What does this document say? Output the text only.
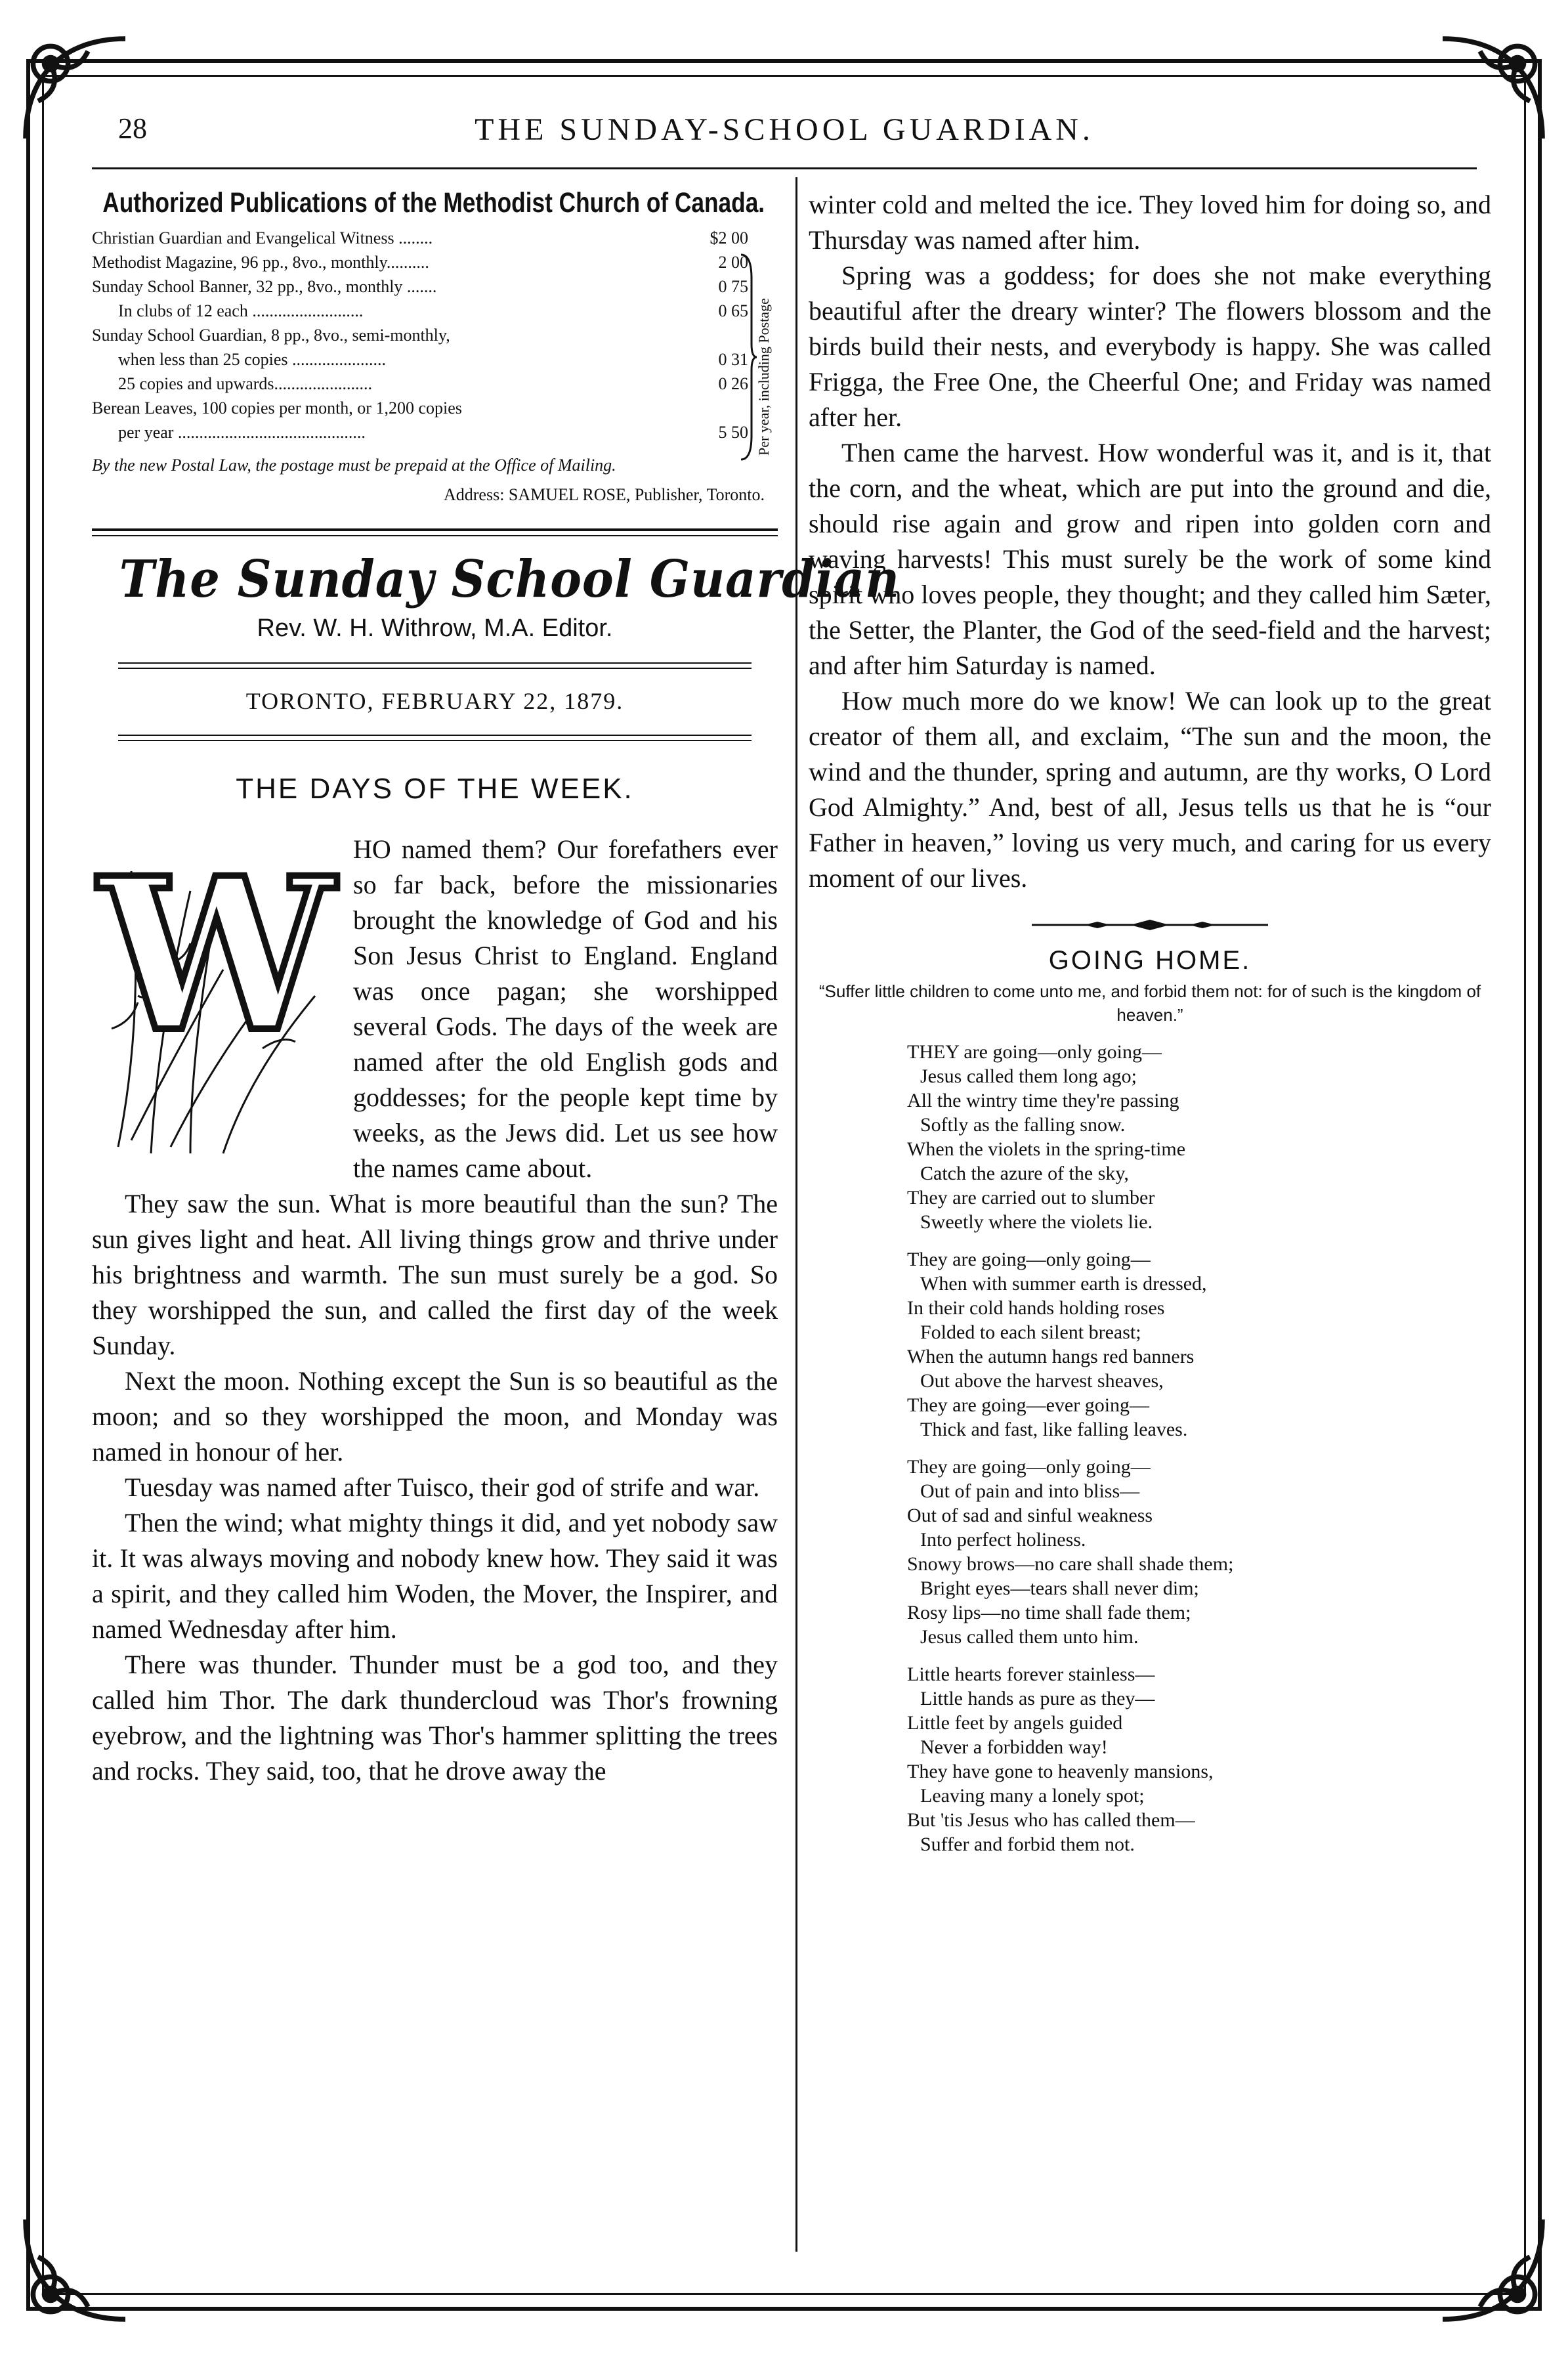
28	THE SUNDAY-SCHOOL GUARDIAN.
Authorized Publications of the Methodist Church of Canada.
Per year, including Postage
Christian Guardian and Evangelical Witness ........	$2 00
Methodist Magazine, 96 pp., 8vo., monthly..........	2 00
Sunday School Banner, 32 pp., 8vo., monthly .......	0 75
In clubs of 12 each ..........................	0 65
Sunday School Guardian, 8 pp., 8vo., semi-monthly,
when less than 25 copies ......................	0 31
25 copies and upwards.......................	0 26
Berean Leaves, 100 copies per month, or 1,200 copies
per year ............................................	5 50
By the new Postal Law, the postage must be prepaid at the Office of Mailing.
Address: SAMUEL ROSE, Publisher, Toronto.
The Sunday School Guardian
Rev. W. H. Withrow, M.A. Editor.
TORONTO, FEBRUARY 22, 1879.
THE DAYS OF THE WEEK.
W HO named them? Our forefathers ever so far back, before the missionaries brought the knowledge of God and his Son Jesus Christ to England. England was once pagan; she worshipped several Gods. The days of the week are named after the old English gods and goddesses; for the people kept time by weeks, as the Jews did. Let us see how the names came about.

They saw the sun. What is more beautiful than the sun? The sun gives light and heat. All living things grow and thrive under his brightness and warmth. The sun must surely be a god. So they worshipped the sun, and called the first day of the week Sunday.

Next the moon. Nothing except the Sun is so beautiful as the moon; and so they worshipped the moon, and Monday was named in honour of her.

Tuesday was named after Tuisco, their god of strife and war.

Then the wind; what mighty things it did, and yet nobody saw it. It was always moving and nobody knew how. They said it was a spirit, and they called him Woden, the Mover, the Inspirer, and named Wednesday after him.

There was thunder. Thunder must be a god too, and they called him Thor. The dark thundercloud was Thor's frowning eyebrow, and the lightning was Thor's hammer splitting the trees and rocks. They said, too, that he drove away the

winter cold and melted the ice. They loved him for doing so, and Thursday was named after him.

Spring was a goddess; for does she not make everything beautiful after the dreary winter? The flowers blossom and the birds build their nests, and everybody is happy. She was called Frigga, the Free One, the Cheerful One; and Friday was named after her.

Then came the harvest. How wonderful was it, and is it, that the corn, and the wheat, which are put into the ground and die, should rise again and grow and ripen into golden corn and waving harvests! This must surely be the work of some kind spirit who loves people, they thought; and they called him Sæter, the Setter, the Planter, the God of the seed-field and the harvest; and after him Saturday is named.

How much more do we know! We can look up to the great creator of them all, and exclaim, “The sun and the moon, the wind and the thunder, spring and autumn, are thy works, O Lord God Almighty.” And, best of all, Jesus tells us that he is “our Father in heaven,” loving us very much, and caring for us every moment of our lives.

GOING HOME.
“Suffer little children to come unto me, and forbid them not: for of such is the kingdom of heaven.”
THEY are going—only going—
Jesus called them long ago;
All the wintry time they're passing
Softly as the falling snow.
When the violets in the spring-time
Catch the azure of the sky,
They are carried out to slumber
Sweetly where the violets lie.
They are going—only going—
When with summer earth is dressed,
In their cold hands holding roses
Folded to each silent breast;
When the autumn hangs red banners
Out above the harvest sheaves,
They are going—ever going—
Thick and fast, like falling leaves.
They are going—only going—
Out of pain and into bliss—
Out of sad and sinful weakness
Into perfect holiness.
Snowy brows—no care shall shade them;
Bright eyes—tears shall never dim;
Rosy lips—no time shall fade them;
Jesus called them unto him.
Little hearts forever stainless—
Little hands as pure as they—
Little feet by angels guided
Never a forbidden way!
They have gone to heavenly mansions,
Leaving many a lonely spot;
But 'tis Jesus who has called them—
Suffer and forbid them not.
